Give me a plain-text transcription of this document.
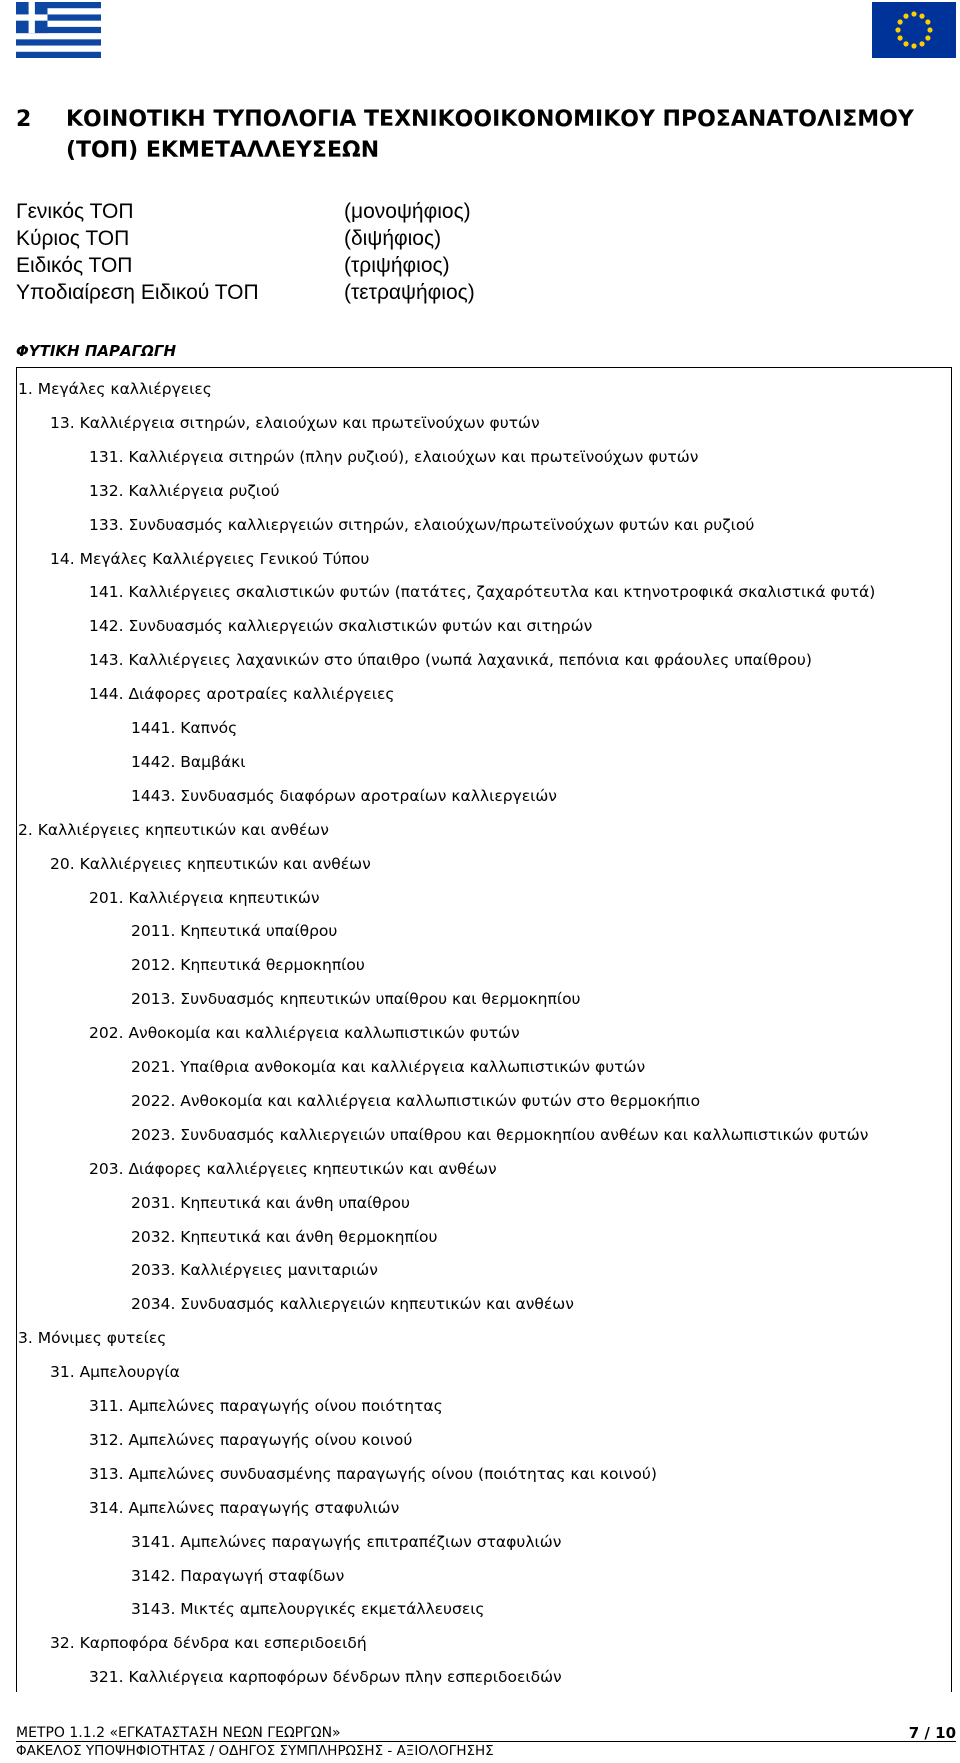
2 ΚΟΙΝΟΤΙΚΗ ΤΥΠΟΛΟΓΙΑ ΤΕΧΝΙΚΟΟΙΚΟΝΟΜΙΚΟΥ ΠΡΟΣΑΝΑΤΟΛΙΣΜΟΥ (ΤΟΠ) ΕΚΜΕΤΑΛΛΕΥΣΕΩΝ
Γενικός ΤΟΠ	(μονοψήφιος)
Κύριος ΤΟΠ	(διψήφιος)
Ειδικός ΤΟΠ	(τριψήφιος)
Υποδιαίρεση Ειδικού ΤΟΠ	(τετραψήφιος)
ΦΥΤΙΚΗ ΠΑΡΑΓΩΓΗ
1. Μεγάλες καλλιέργειες
13. Καλλιέργεια σιτηρών, ελαιούχων και πρωτεϊνούχων φυτών
131. Καλλιέργεια σιτηρών (πλην ρυζιού), ελαιούχων και πρωτεϊνούχων φυτών
132. Καλλιέργεια ρυζιού
133. Συνδυασμός καλλιεργειών σιτηρών, ελαιούχων/πρωτεϊνούχων φυτών και ρυζιού
14. Μεγάλες Καλλιέργειες Γενικού Τύπου
141. Καλλιέργειες σκαλιστικών φυτών (πατάτες, ζαχαρότευτλα και κτηνοτροφικά σκαλιστικά φυτά)
142. Συνδυασμός καλλιεργειών σκαλιστικών φυτών και σιτηρών
143. Καλλιέργειες λαχανικών στο ύπαιθρο (νωπά λαχανικά, πεπόνια και φράουλες υπαίθρου)
144. Διάφορες αροτραίες καλλιέργειες
1441. Καπνός
1442. Βαμβάκι
1443. Συνδυασμός διαφόρων αροτραίων καλλιεργειών
2. Καλλιέργειες κηπευτικών και ανθέων
20. Καλλιέργειες κηπευτικών και ανθέων
201. Καλλιέργεια κηπευτικών
2011. Κηπευτικά υπαίθρου
2012. Κηπευτικά θερμοκηπίου
2013. Συνδυασμός κηπευτικών υπαίθρου και θερμοκηπίου
202. Ανθοκομία και καλλιέργεια καλλωπιστικών φυτών
2021. Υπαίθρια ανθοκομία και καλλιέργεια καλλωπιστικών φυτών
2022. Ανθοκομία και καλλιέργεια καλλωπιστικών φυτών στο θερμοκήπιο
2023. Συνδυασμός καλλιεργειών υπαίθρου και θερμοκηπίου ανθέων και καλλωπιστικών φυτών
203. Διάφορες καλλιέργειες κηπευτικών και ανθέων
2031. Κηπευτικά και άνθη υπαίθρου
2032. Κηπευτικά και άνθη θερμοκηπίου
2033. Καλλιέργειες μανιταριών
2034. Συνδυασμός καλλιεργειών κηπευτικών και ανθέων
3. Μόνιμες φυτείες
31. Αμπελουργία
311. Αμπελώνες παραγωγής οίνου ποιότητας
312. Αμπελώνες παραγωγής οίνου κοινού
313. Αμπελώνες συνδυασμένης παραγωγής οίνου (ποιότητας και κοινού)
314. Αμπελώνες παραγωγής σταφυλιών
3141. Αμπελώνες παραγωγής επιτραπέζιων σταφυλιών
3142. Παραγωγή σταφίδων
3143. Μικτές αμπελουργικές εκμετάλλευσεις
32. Καρποφόρα δένδρα και εσπεριδοειδή
321. Καλλιέργεια καρποφόρων δένδρων πλην εσπεριδοειδών
ΜΕΤΡΟ 1.1.2 «ΕΓΚΑΤΑΣΤΑΣΗ ΝΕΩΝ ΓΕΩΡΓΩΝ»	7 / 10
ΦΑΚΕΛΟΣ ΥΠΟΨΗΦΙΟΤΗΤΑΣ / ΟΔΗΓΟΣ ΣΥΜΠΛΗΡΩΣΗΣ - ΑΞΙΟΛΟΓΗΣΗΣ
